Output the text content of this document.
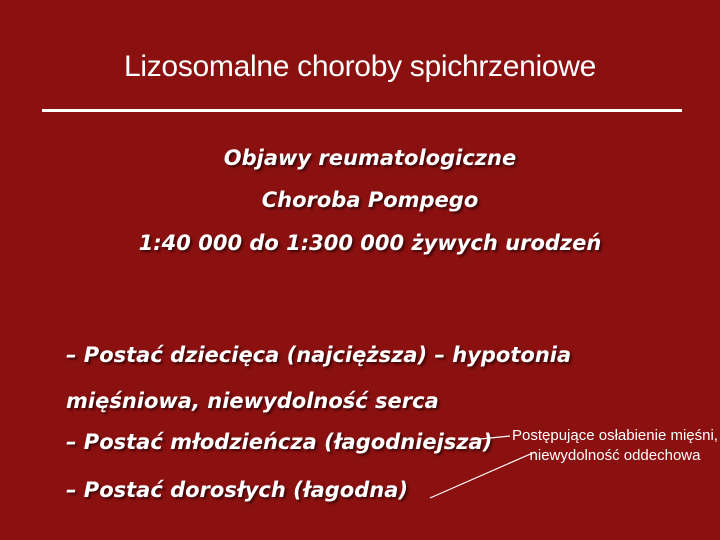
Lizosomalne choroby spichrzeniowe
Objawy reumatologiczne
Choroba Pompego
1:40 000 do 1:300 000 żywych urodzeń
– Postać dziecięca (najcięższa) – hypotonia
mięśniowa, niewydolność serca
– Postać młodzieńcza (łagodniejsza)
– Postać dorosłych (łagodna)
Postępujące osłabienie mięśni, niewydolność oddechowa
